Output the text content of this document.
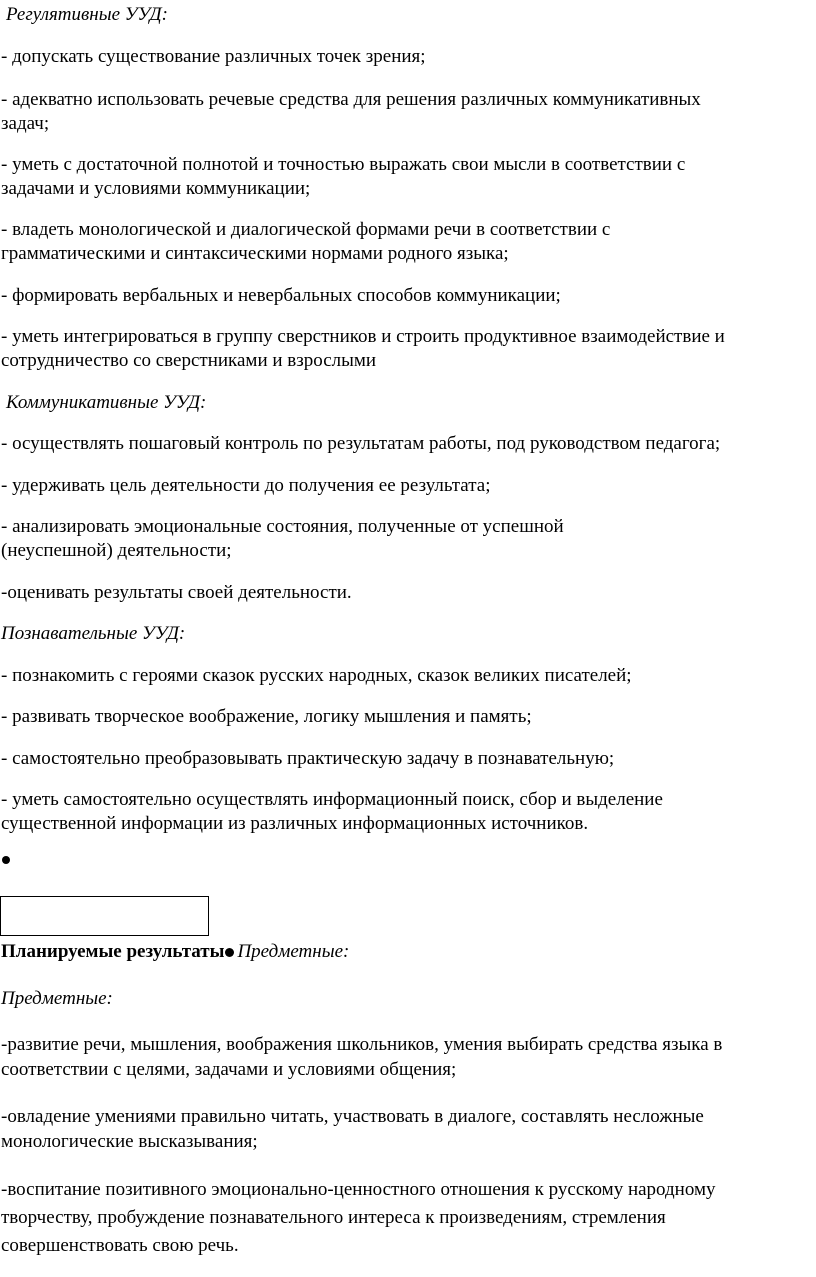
Регулятивные УУД:
- допускать существование различных точек зрения;
- адекватно использовать речевые средства для решения различных коммуникативных
задач;
- уметь с достаточной полнотой и точностью выражать свои мысли в соответствии с
задачами и условиями коммуникации;
- владеть монологической и диалогической формами речи в соответствии с
грамматическими и синтаксическими нормами родного языка;
- формировать вербальных и невербальных способов коммуникации;
- уметь интегрироваться в группу сверстников и строить продуктивное взаимодействие и
сотрудничество со сверстниками и взрослыми
Коммуникативные УУД:
- осуществлять пошаговый контроль по результатам работы, под руководством педагога;
- удерживать цель деятельности до получения ее результата;
- анализировать эмоциональные состояния, полученные от успешной
(неуспешной) деятельности;
-оценивать результаты своей деятельности.
Познавательные УУД:
- познакомить с героями сказок русских народных, сказок великих писателей;
- развивать творческое воображение, логику мышления и память;
- самостоятельно преобразовывать практическую задачу в познавательную;
- уметь самостоятельно осуществлять информационный поиск, сбор и выделение
существенной информации из различных информационных источников.
Планируемые результаты Предметные:
Предметные:
-развитие речи, мышления, воображения школьников, умения выбирать средства языка в
соответствии с целями, задачами и условиями общения;
-овладение умениями правильно читать, участвовать в диалоге, составлять несложные
монологические высказывания;
-воспитание позитивного эмоционально-ценностного отношения к русскому народному
творчеству, пробуждение познавательного интереса к произведениям, стремления
совершенствовать свою речь.
